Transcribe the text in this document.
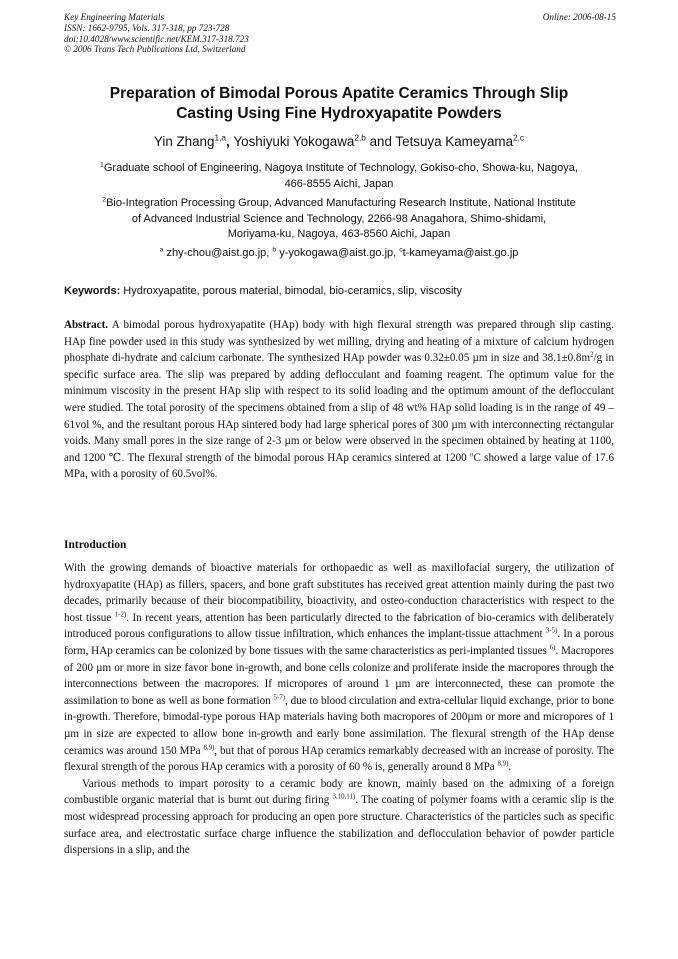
Key Engineering Materials
ISSN: 1662-9795, Vols. 317-318, pp 723-728
doi:10.4028/www.scientific.net/KEM.317-318.723
© 2006 Trans Tech Publications Ltd, Switzerland
Online: 2006-08-15
Preparation of Bimodal Porous Apatite Ceramics Through Slip
Casting Using Fine Hydroxyapatite Powders
Yin Zhang$^{1,a}$, Yoshiyuki Yokogawa$^{2,b}$ and Tetsuya Kameyama$^{2,c}$
$^1$Graduate school of Engineering, Nagoya Institute of Technology, Gokiso-cho, Showa-ku, Nagoya,
466-8555 Aichi, Japan
$^2$Bio-Integration Processing Group, Advanced Manufacturing Research Institute, National Institute
of Advanced Industrial Science and Technology, 2266-98 Anagahora, Shimo-shidami,
Moriyama-ku, Nagoya, 463-8560 Aichi, Japan
$^a$ zhy-chou@aist.go.jp, $^b$ y-yokogawa@aist.go.jp, $^c$t-kameyama@aist.go.jp
Keywords: Hydroxyapatite, porous material, bimodal, bio-ceramics, slip, viscosity

Abstract. A bimodal porous hydroxyapatite (HAp) body with high flexural strength was prepared through slip casting. HAp fine powder used in this study was synthesized by wet milling, drying and heating of a mixture of calcium hydrogen phosphate di-hydrate and calcium carbonate. The synthesized HAp powder was 0.32±0.05 µm in size and $38.1\pm 0.8m^2/g$ in specific surface area. The slip was prepared by adding deflocculant and foaming reagent. The optimum value for the minimum viscosity in the present HAp slip with respect to its solid loading and the optimum amount of the deflocculant were studied. The total porosity of the specimens obtained from a slip of 48 wt% HAp solid loading is in the range of 49 – 61vol %, and the resultant porous HAp sintered body had large spherical pores of 300 µm with interconnecting rectangular voids. Many small pores in the size range of 2-3 µm or below were observed in the specimen obtained by heating at 1100, and 1200 ℃. The flexural strength of the bimodal porous HAp ceramics sintered at 1200 $^o$C showed a large value of 17.6 MPa, with a porosity of 60.5vol%.

Introduction

With the growing demands of bioactive materials for orthopaedic as well as maxillofacial surgery, the utilization of hydroxyapatite (HAp) as fillers, spacers, and bone graft substitutes has received great attention mainly during the past two decades, primarily because of their biocompatibility, bioactivity, and osteo-conduction characteristics with respect to the host tissue $^{1-2)}$. In recent years, attention has been particularly directed to the fabrication of bio-ceramics with deliberately introduced porous configurations to allow tissue infiltration, which enhances the implant-tissue attachment $^{3-5)}$. In a porous form, HAp ceramics can be colonized by bone tissues with the same characteristics as peri-implanted tissues $^{6)}$. Macropores of 200 µm or more in size favor bone in-growth, and bone cells colonize and proliferate inside the macropores through the interconnections between the macropores. If micropores of around 1 µm are interconnected, these can promote the assimilation to bone as well as bone formation $^{5-7)}$, due to blood circulation and extra-cellular liquid exchange, prior to bone in-growth. Therefore, bimodal-type porous HAp materials having both macropores of 200µm or more and micropores of 1 µm in size are expected to allow bone in-growth and early bone assimilation. The flexural strength of the HAp dense ceramics was around 150 MPa $^{8,9)}$, but that of porous HAp ceramics remarkably decreased with an increase of porosity. The flexural strength of the porous HAp ceramics with a porosity of 60 % is, generally around 8 MPa $^{8,9)}$.

Various methods to impart porosity to a ceramic body are known, mainly based on the admixing of a foreign combustible organic material that is burnt out during firing $^{3,10,11)}$. The coating of polymer foams with a ceramic slip is the most widespread processing approach for producing an open pore structure. Characteristics of the particles such as specific surface area, and electrostatic surface charge influence the stabilization and deflocculation behavior of powder particle dispersions in a slip, and the
